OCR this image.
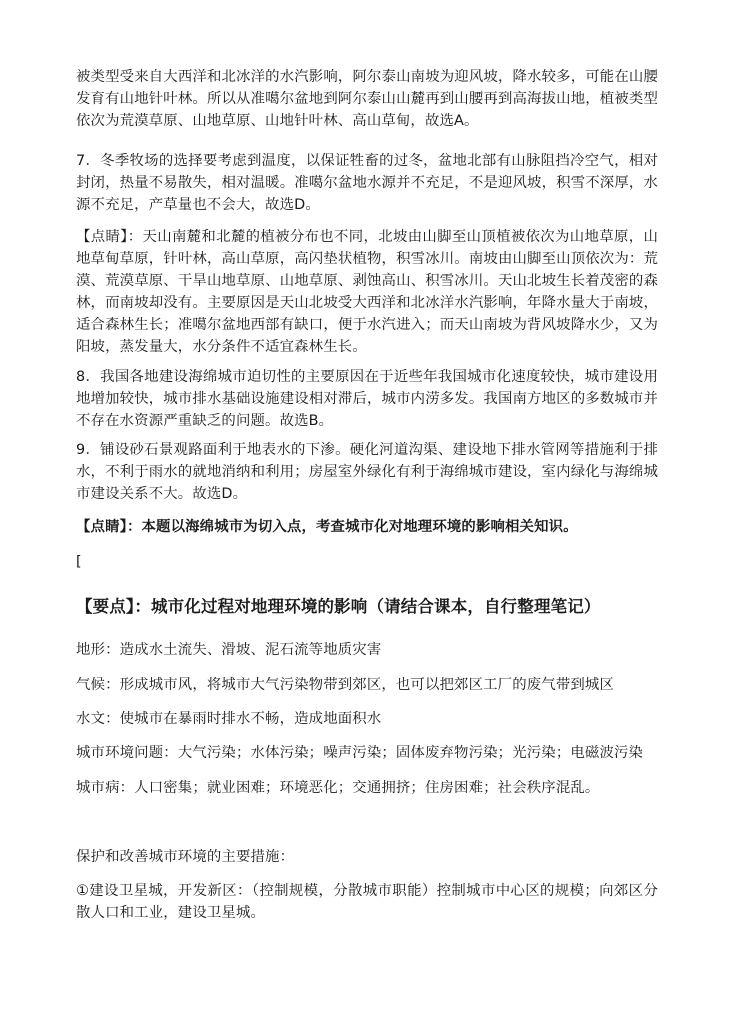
被类型受来自大西洋和北冰洋的水汽影响，阿尔泰山南坡为迎风坡，降水较多，可能在山腰发育有山地针叶林。所以从准噶尔盆地到阿尔泰山山麓再到山腰再到高海拔山地，植被类型依次为荒漠草原、山地草原、山地针叶林、高山草甸，故选A。

7．冬季牧场的选择要考虑到温度，以保证牲畜的过冬，盆地北部有山脉阻挡冷空气，相对封闭，热量不易散失，相对温暖。准噶尔盆地水源并不充足，不是迎风坡，积雪不深厚，水源不充足，产草量也不会大，故选D。

【点睛】：天山南麓和北麓的植被分布也不同，北坡由山脚至山顶植被依次为山地草原，山地草甸草原，针叶林，高山草原，高闪垫状植物，积雪冰川。南坡由山脚至山顶依次为：荒漠、荒漠草原、干旱山地草原、山地草原、剥蚀高山、积雪冰川。天山北坡生长着茂密的森林，而南坡却没有。主要原因是天山北坡受大西洋和北冰洋水汽影响，年降水量大于南坡，适合森林生长；准噶尔盆地西部有缺口，便于水汽进入；而天山南坡为背风坡降水少，又为阳坡，蒸发量大，水分条件不适宜森林生长。

8．我国各地建设海绵城市迫切性的主要原因在于近些年我国城市化速度较快，城市建设用地增加较快，城市排水基础设施建设相对滞后，城市内涝多发。我国南方地区的多数城市并不存在水资源严重缺乏的问题。故选B。

9．铺设砂石景观路面利于地表水的下渗。硬化河道沟渠、建设地下排水管网等措施利于排水，不利于雨水的就地消纳和利用；房屋室外绿化有利于海绵城市建设，室内绿化与海绵城市建设关系不大。故选D。

【点睛】：本题以海绵城市为切入点，考查城市化对地理环境的影响相关知识。

[

【要点】：城市化过程对地理环境的影响（请结合课本，自行整理笔记）

地形：造成水土流失、滑坡、泥石流等地质灾害

气候：形成城市风，将城市大气污染物带到郊区，也可以把郊区工厂的废气带到城区

水文：使城市在暴雨时排水不畅，造成地面积水

城市环境问题：大气污染；水体污染；噪声污染；固体废弃物污染；光污染；电磁波污染

城市病：人口密集；就业困难；环境恶化；交通拥挤；住房困难；社会秩序混乱。

保护和改善城市环境的主要措施：

①建设卫星城，开发新区：（控制规模，分散城市职能）控制城市中心区的规模；向郊区分散人口和工业，建设卫星城。
